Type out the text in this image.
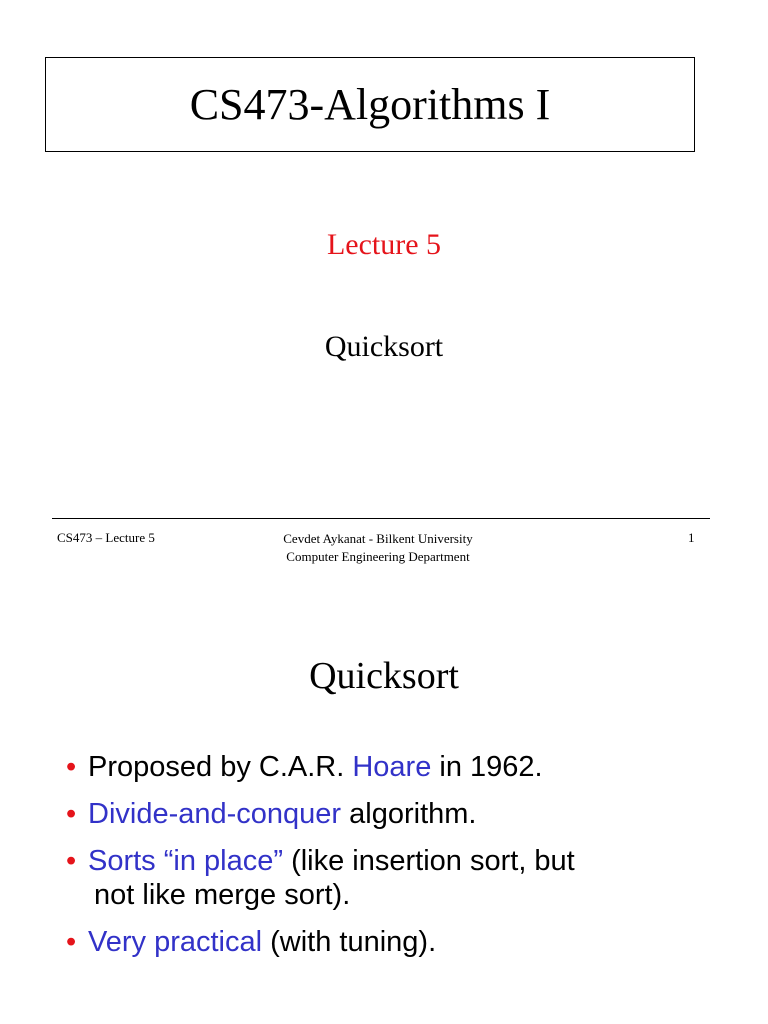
CS473-Algorithms I
Lecture 5
Quicksort
CS473 – Lecture 5	Cevdet Aykanat - Bilkent University
Computer Engineering Department
1
Quicksort
• Proposed by C.A.R. Hoare in 1962.
• Divide-and-conquer algorithm.
• Sorts “in place” (like insertion sort, but
not like merge sort).
• Very practical (with tuning).
